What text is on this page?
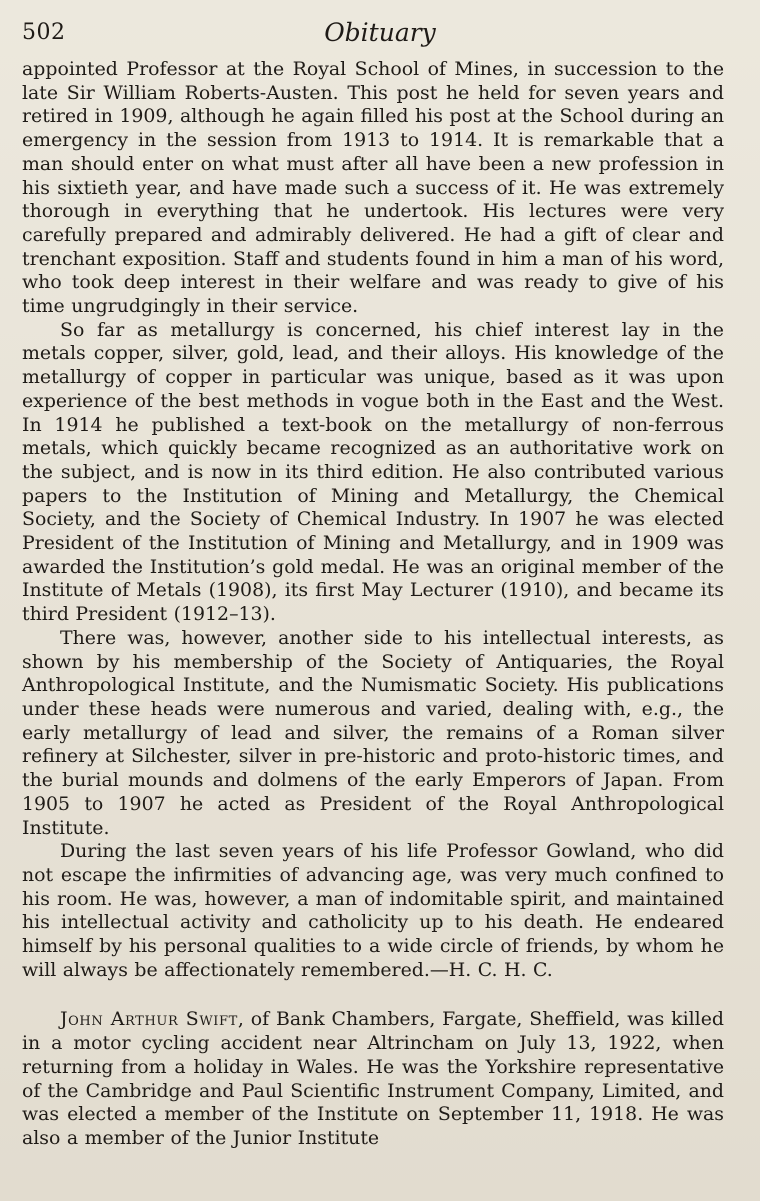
502	Obituary

appointed Professor at the Royal School of Mines, in succession to the late Sir William Roberts-Austen. This post he held for seven years and retired in 1909, although he again filled his post at the School during an emergency in the session from 1913 to 1914. It is remarkable that a man should enter on what must after all have been a new profession in his sixtieth year, and have made such a success of it. He was extremely thorough in everything that he undertook. His lectures were very carefully prepared and admirably delivered. He had a gift of clear and trenchant exposition. Staff and students found in him a man of his word, who took deep interest in their welfare and was ready to give of his time ungrudgingly in their service.

So far as metallurgy is concerned, his chief interest lay in the metals copper, silver, gold, lead, and their alloys. His knowledge of the metallurgy of copper in particular was unique, based as it was upon experience of the best methods in vogue both in the East and the West. In 1914 he published a text-book on the metallurgy of non-ferrous metals, which quickly became recognized as an authoritative work on the subject, and is now in its third edition. He also contributed various papers to the Institution of Mining and Metallurgy, the Chemical Society, and the Society of Chemical Industry. In 1907 he was elected President of the Institution of Mining and Metallurgy, and in 1909 was awarded the Institution’s gold medal. He was an original member of the Institute of Metals (1908), its first May Lecturer (1910), and became its third President (1912–13).

There was, however, another side to his intellectual interests, as shown by his membership of the Society of Antiquaries, the Royal Anthropological Institute, and the Numismatic Society. His publications under these heads were numerous and varied, dealing with, e.g., the early metallurgy of lead and silver, the remains of a Roman silver refinery at Silchester, silver in pre-historic and proto-historic times, and the burial mounds and dolmens of the early Emperors of Japan. From 1905 to 1907 he acted as President of the Royal Anthropological Institute.

During the last seven years of his life Professor Gowland, who did not escape the infirmities of advancing age, was very much confined to his room. He was, however, a man of indomitable spirit, and maintained his intellectual activity and catholicity up to his death. He endeared himself by his personal qualities to a wide circle of friends, by whom he will always be affectionately remembered.—H. C. H. C.

John Arthur Swift, of Bank Chambers, Fargate, Sheffield, was killed in a motor cycling accident near Altrincham on July 13, 1922, when returning from a holiday in Wales. He was the Yorkshire representative of the Cambridge and Paul Scientific Instrument Company, Limited, and was elected a member of the Institute on September 11, 1918. He was also a member of the Junior Institute
